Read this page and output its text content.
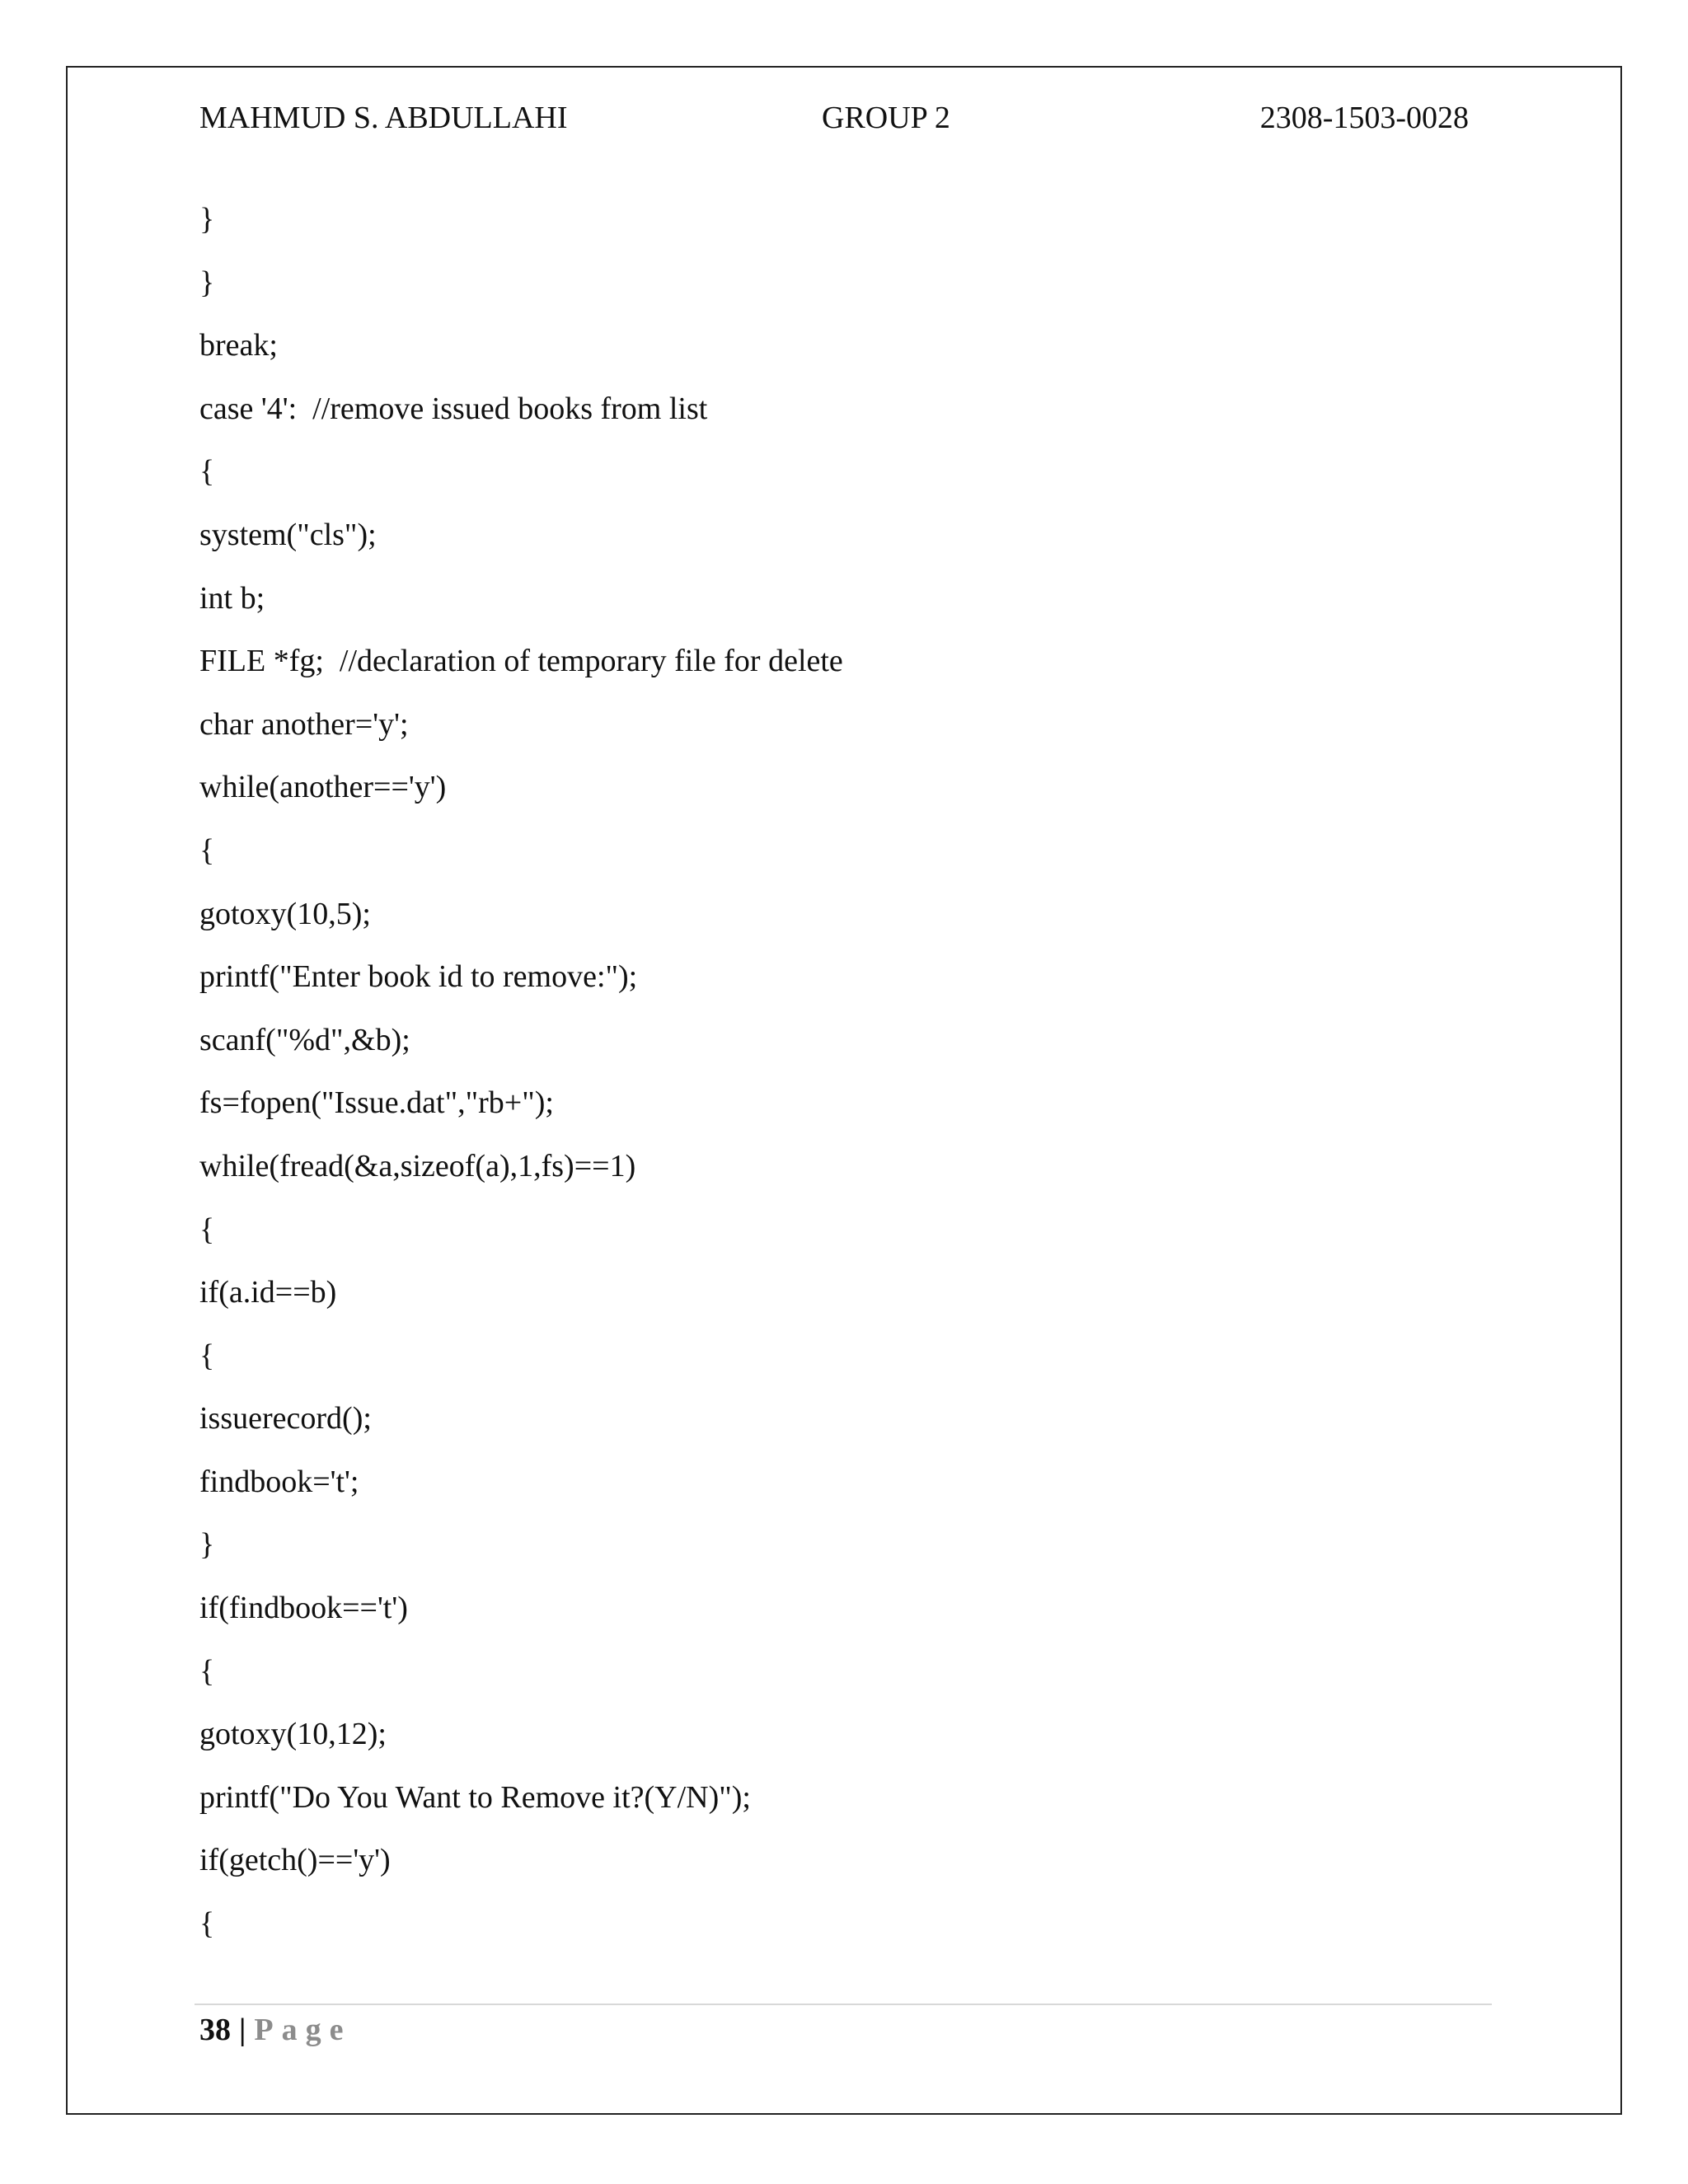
MAHMUD S. ABDULLAHI	GROUP 2	2308-1503-0028
}
}
break;
case '4':  //remove issued books from list
{
system("cls");
int b;
FILE *fg;  //declaration of temporary file for delete
char another='y';
while(another=='y')
{
gotoxy(10,5);
printf("Enter book id to remove:");
scanf("%d",&b);
fs=fopen("Issue.dat","rb+");
while(fread(&a,sizeof(a),1,fs)==1)
{
if(a.id==b)
{
issuerecord();
findbook='t';
}
if(findbook=='t')
{
gotoxy(10,12);
printf("Do You Want to Remove it?(Y/N)");
if(getch()=='y')
{
38 | Page
